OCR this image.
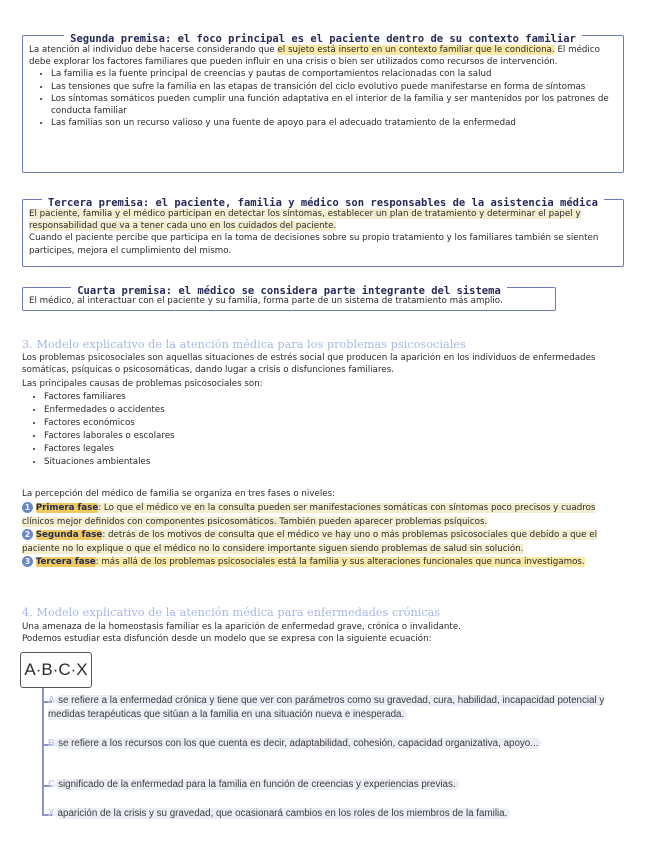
Segunda premisa: el foco principal es el paciente dentro de su contexto familiar

La atención al individuo debe hacerse considerando que el sujeto está inserto en un contexto familiar que le condiciona. El médico debe explorar los factores familiares que pueden influir en una crisis o bien ser utilizados como recursos de intervención.

• La familia es la fuente principal de creencias y pautas de comportamientos relacionadas con la salud
• Las tensiones que sufre la familia en las etapas de transición del ciclo evolutivo puede manifestarse en forma de síntomas
• Los síntomas somáticos pueden cumplir una función adaptativa en el interior de la familia y ser mantenidos por los patrones de conducta familiar
• Las familias son un recurso valioso y una fuente de apoyo para el adecuado tratamiento de la enfermedad
Tercera premisa: el paciente, familia y médico son responsables de la asistencia médica

El paciente, familia y el médico participan en detectar los síntomas, establecer un plan de tratamiento y determinar el papel y responsabilidad que va a tener cada uno en los cuidados del paciente.

Cuando el paciente percibe que participa en la toma de decisiones sobre su propio tratamiento y los familiares también se sienten participes, mejora el cumplimiento del mismo.

Cuarta premisa: el médico se considera parte integrante del sistema

El médico, al interactuar con el paciente y su familia, forma parte de un sistema de tratamiento más amplio.

3. Modelo explicativo de la atención médica para los problemas psicosociales

Los problemas psicosociales son aquellas situaciones de estrés social que producen la aparición en los individuos de enfermedades somáticas, psíquicas o psicosomáticas, dando lugar a crisis o disfunciones familiares.

Las principales causas de problemas psicosociales son:

• Factores familiares
• Enfermedades o accidentes
• Factores económicos
• Factores laborales o escolares
• Factores legales
• Situaciones ambientales

La percepción del médico de familia se organiza en tres fases o niveles:

1 Primera fase: Lo que el médico ve en la consulta pueden ser manifestaciones somáticas con síntomas poco precisos y cuadros clínicos mejor definidos con componentes psicosomáticos. También pueden aparecer problemas psíquicos.

2 Segunda fase: detrás de los motivos de consulta que el médico ve hay uno o más problemas psicosociales que debido a que el paciente no lo explique o que el médico no lo considere importante siguen siendo problemas de salud sin solución.

3 Tercera fase: más allá de los problemas psicosociales está la familia y sus alteraciones funcionales que nunca investigamos.

4. Modelo explicativo de la atención médica para enfermedades crónicas

Una amenaza de la homeostasis familiar es la aparición de enfermedad grave, crónica o invalidante.

Podemos estudiar esta disfunción desde un modelo que se expresa con la siguiente ecuación:

A·B·C·X
A se refiere a la enfermedad crónica y tiene que ver con parámetros como su gravedad, cura, habilidad, incapacidad potencial y medidas terapéuticas que sitúan a la familia en una situación nueva e inesperada.
B se refiere a los recursos con los que cuenta es decir, adaptabilidad, cohesión, capacidad organizativa, apoyo...
C significado de la enfermedad para la familia en función de creencias y experiencias previas.
X aparición de la crisis y su gravedad, que ocasionará cambios en los roles de los miembros de la familia.
